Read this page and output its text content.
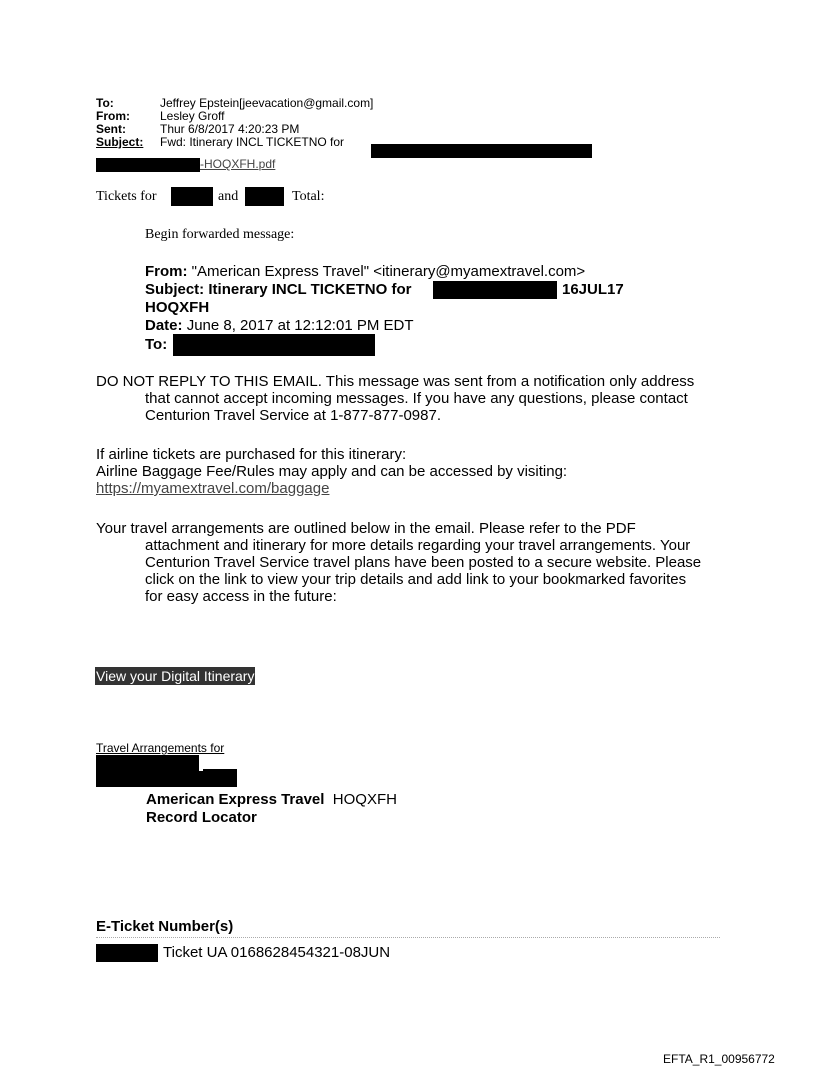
To:	Jeffrey Epstein[jeevacation@gmail.com]
From:	Lesley Groff
Sent:	Thur 6/8/2017 4:20:23 PM
Subject: Fwd: Itinerary INCL TICKETNO for
-HOQXFH.pdf
Tickets for	and	Total:
Begin forwarded message:
From: "American Express Travel" <itinerary@myamextravel.com>
Subject: Itinerary INCL TICKETNO for	16JUL17
HOQXFH
Date: June 8, 2017 at 12:12:01 PM EDT
To:

DO NOT REPLY TO THIS EMAIL. This message was sent from a notification only address that cannot accept incoming messages. If you have any questions, please contact Centurion Travel Service at 1-877-877-0987.

If airline tickets are purchased for this itinerary:
Airline Baggage Fee/Rules may apply and can be accessed by visiting:
https://myamextravel.com/baggage

Your travel arrangements are outlined below in the email. Please refer to the PDF attachment and itinerary for more details regarding your travel arrangements. Your Centurion Travel Service travel plans have been posted to a secure website. Please click on the link to view your trip details and add link to your bookmarked favorites for easy access in the future:

View your Digital Itinerary
Travel Arrangements for
American Express Travel HOQXFH
Record Locator
E-Ticket Number(s)
Ticket UA 0168628454321-08JUN
EFTA_R1_00956772
